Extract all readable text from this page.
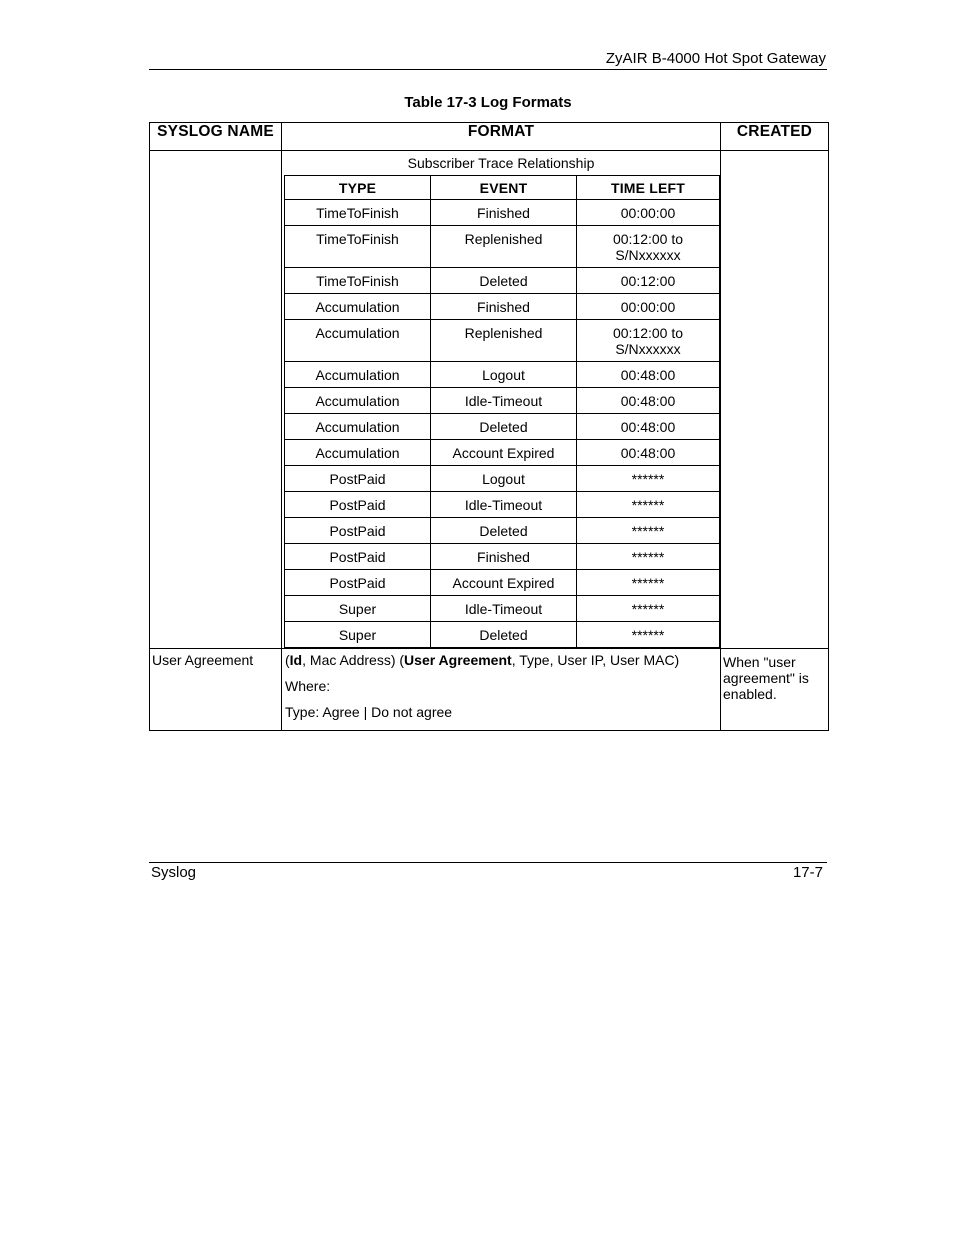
ZyAIR B-4000 Hot Spot Gateway
Table 17-3 Log Formats
SYSLOG NAME	FORMAT	CREATED

Subscriber Trace Relationship
TYPE	EVENT	TIME LEFT
TimeToFinish	Finished	00:00:00
TimeToFinish	Replenished	00:12:00 to
S/Nxxxxxx
TimeToFinish	Deleted	00:12:00
Accumulation	Finished	00:00:00
Accumulation	Replenished	00:12:00 to
S/Nxxxxxx
Accumulation	Logout	00:48:00
Accumulation	Idle-Timeout	00:48:00
Accumulation	Deleted	00:48:00
Accumulation	Account Expired	00:48:00
PostPaid	Logout	******
PostPaid	Idle-Timeout	******
PostPaid	Deleted	******
PostPaid	Finished	******
PostPaid	Account Expired	******
Super	Idle-Timeout	******
Super	Deleted	******

User Agreement	(Id, Mac Address) (User Agreement, Type, User IP, User MAC)

Where:

Type: Agree | Do not agree

	When "user agreement" is enabled.
Syslog	17-7
